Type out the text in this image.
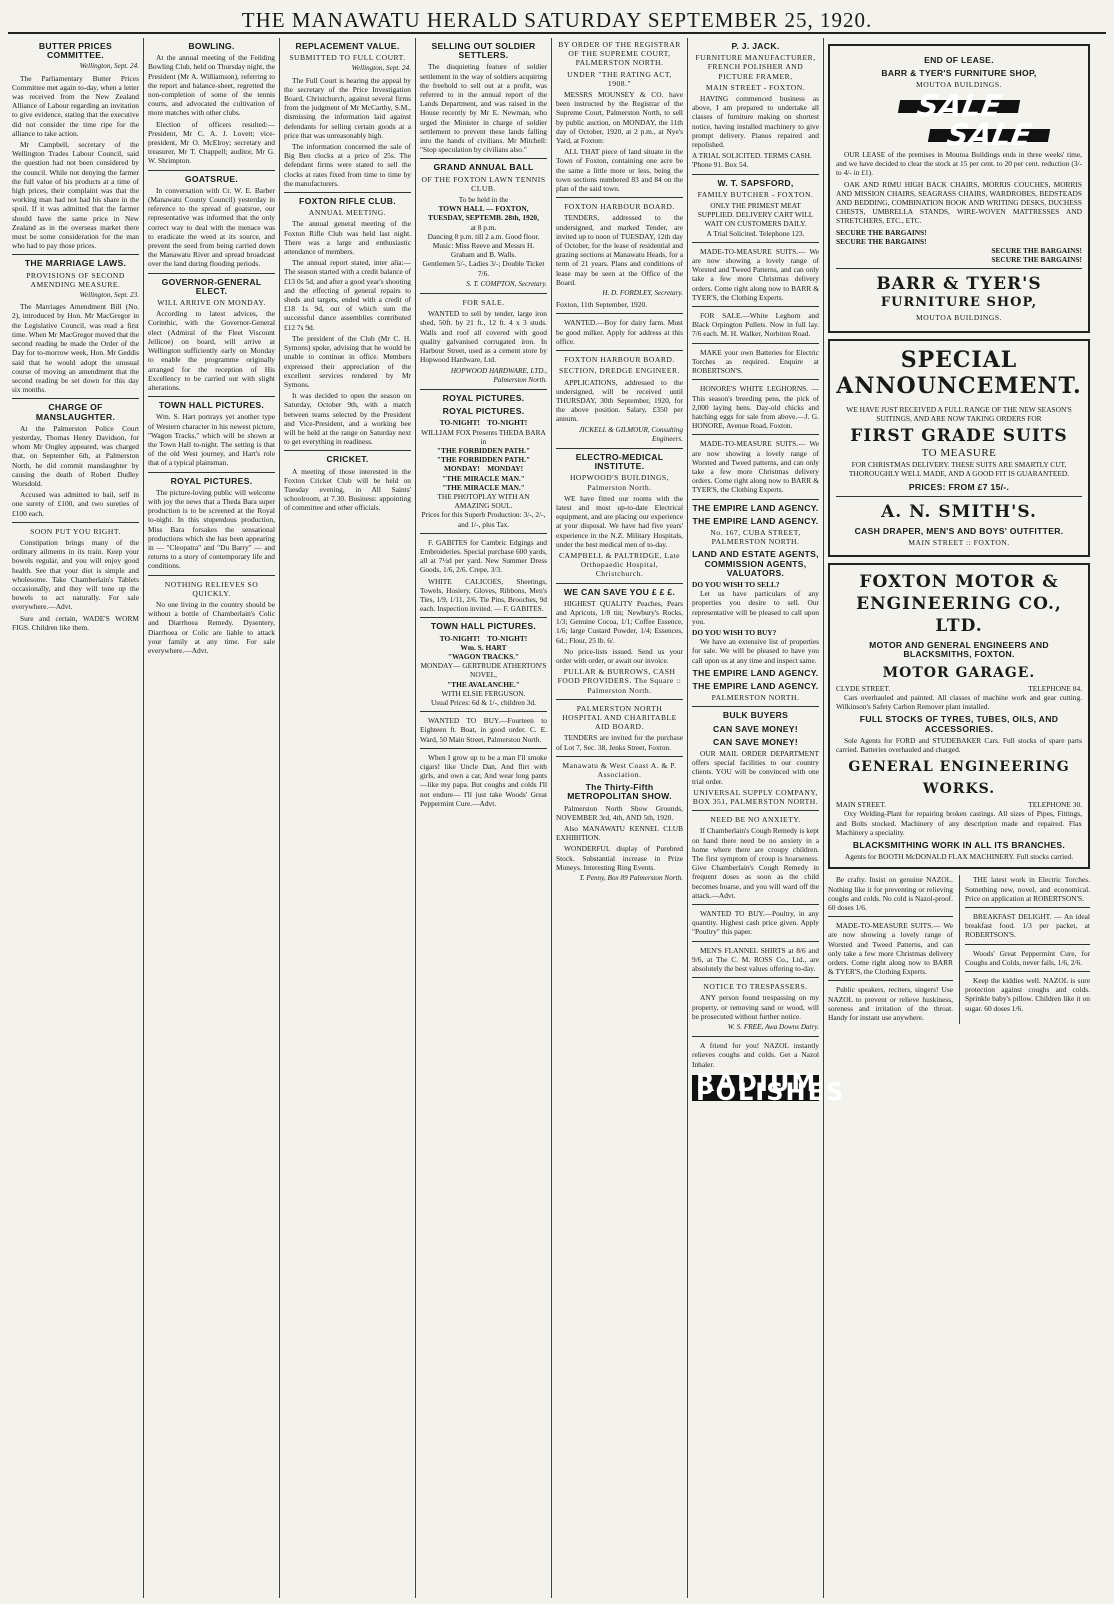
THE MANAWATU HERALD SATURDAY SEPTEMBER 25, 1920.
BUTTER PRICES COMMITTEE.
Wellington, Sept. 24.

The Parliamentary Butter Prices Committee met again to-day, when a letter was received from the New Zealand Alliance of Labour regarding an invitation to give evidence, stating that the executive did not consider the time ripe for the alliance to take action.

Mr Campbell, secretary of the Wellington Trades Labour Council, said the question had not been considered by the council. While not denying the farmer the full value of his products at a time of high prices, their complaint was that the working man had not had his share in the spoil. If it was admitted that the farmer should have the same price in New Zealand as in the overseas market there must be some consideration for the man who had to pay those prices.

THE MARRIAGE LAWS.
PROVISIONS OF SECOND AMENDING MEASURE.
Wellington, Sept. 23.

The Marriages Amendment Bill (No. 2), introduced by Hon. Mr MacGregor in the Legislative Council, was read a first time. When Mr MacGregor moved that the second reading be made the Order of the Day for to-morrow week, Hon. Mr Geddis said that he would adopt the unusual course of moving an amendment that the second reading be set down for this day six months.

CHARGE OF MANSLAUGHTER.

At the Palmerston Police Court yesterday, Thomas Henry Davidson, for whom Mr Ongley appeared, was charged that, on September 6th, at Palmerston North, he did commit manslaughter by causing the death of Robert Dudley Worsdold.

Accused was admitted to bail, self in one surety of £100, and two sureties of £100 each.

SOON PUT YOU RIGHT.

Constipation brings many of the ordinary ailments in its train. Keep your bowels regular, and you will enjoy good health. See that your diet is simple and wholesome. Take Chamberlain's Tablets occasionally, and they will tone up the bowels to act naturally. For sale everywhere.—Advt.

Sure and certain, WADE'S WORM FIGS. Children like them.

BOWLING.

At the annual meeting of the Feilding Bowling Club, held on Thursday night, the President (Mr A. Williamson), referring to the report and balance-sheet, regretted the non-completion of some of the tennis courts, and advocated the cultivation of more matches with other clubs.

Election of officers resulted:— President, Mr C. A. J. Lovett; vice-president, Mr O. McElroy; secretary and treasurer, Mr T. Chappell; auditor, Mr G. W. Shrimpton.

GOATSRUE.

In conversation with Cr. W. E. Barber (Manawatu County Council) yesterday in reference to the spread of goatsrue, our representative was informed that the only correct way to deal with the menace was to eradicate the weed at its source, and prevent the seed from being carried down the Manawatu River and spread broadcast over the land during flooding periods.

GOVERNOR-GENERAL ELECT.
WILL ARRIVE ON MONDAY.

According to latest advices, the Corinthic, with the Governor-General elect (Admiral of the Fleet Viscount Jellicoe) on board, will arrive at Wellington sufficiently early on Monday to enable the programme originally arranged for the reception of His Excellency to be carried out with slight alterations.

TOWN HALL PICTURES.

Wm. S. Hart portrays yet another type of Western character in his newest picture, "Wagon Tracks," which will be shown at the Town Hall to-night. The setting is that of the old West journey, and Hart's role that of a typical plainsman.

ROYAL PICTURES.

The picture-loving public will welcome with joy the news that a Theda Bara super production is to be screened at the Royal to-night. In this stupendous production, Miss Bara forsakes the sensational productions which she has been appearing in — "Cleopatra" and "Du Barry" — and returns to a story of contemporary life and conditions.

NOTHING RELIEVES SO QUICKLY.

No one living in the country should be without a bottle of Chamberlain's Colic and Diarrhoea Remedy. Dysentery, Diarrhoea or Colic are liable to attack your family at any time. For sale everywhere.—Advt.

REPLACEMENT VALUE.
SUBMITTED TO FULL COURT.
Wellington, Sept. 24.

The Full Court is hearing the appeal by the secretary of the Price Investigation Board, Christchurch, against several firms from the judgment of Mr McCarthy, S.M., dismissing the information laid against defendants for selling certain goods at a price that was unreasonably high.

The information concerned the sale of Big Ben clocks at a price of 25s. The defendant firms were stated to sell the clocks at rates fixed from time to time by the manufacturers.

FOXTON RIFLE CLUB.
ANNUAL MEETING.

The annual general meeting of the Foxton Rifle Club was held last night. There was a large and enthusiastic attendance of members.

The annual report stated, inter alia:—The season started with a credit balance of £13 0s 5d, and after a good year's shooting and the effecting of general repairs to sheds and targets, ended with a credit of £18 1s 9d, out of which sum the successful dance assemblies contributed £12 7s 9d.

The president of the Club (Mr C. H. Symons) spoke, advising that he would be unable to continue in office. Members expressed their appreciation of the excellent services rendered by Mr Symons.

It was decided to open the season on Saturday, October 9th, with a match between teams selected by the President and Vice-President, and a working bee will be held at the range on Saturday next to get everything in readiness.

CRICKET.

A meeting of those interested in the Foxton Cricket Club will be held on Tuesday evening, in All Saints' schoolroom, at 7.30. Business: appointing of committee and other officials.

SELLING OUT SOLDIER SETTLERS.

The disquieting feature of soldier settlement in the way of soldiers acquiring the freehold to sell out at a profit, was referred to in the annual report of the Lands Department, and was raised in the House recently by Mr E. Newman, who urged the Minister in charge of soldier settlement to prevent these lands falling into the hands of civilians. Mr Mitchell: "Stop speculation by civilians also."

GRAND ANNUAL BALL
OF THE FOXTON LAWN TENNIS CLUB.
To be held in the
TOWN HALL — FOXTON,
TUESDAY, SEPTEMB. 28th, 1920,
at 8 p.m.
Dancing 8 p.m. till 2 a.m. Good floor.
Music: Miss Reeve and Messrs H. Graham and B. Walls.
Gentlemen 5/-, Ladies 3/-; Double Ticket 7/6.
S. T. COMPTON, Secretary.
FOR SALE.

WANTED to sell by tender, large iron shed, 50ft. by 21 ft., 12 ft. 4 x 3 studs. Walls and roof all covered with good quality galvanised corrugated iron. In Harbour Street, used as a cement store by Hopwood Hardware, Ltd.

HOPWOOD HARDWARE, LTD., Palmerston North.
ROYAL PICTURES.
ROYAL PICTURES.
TO-NIGHT! TO-NIGHT!
WILLIAM FOX Presents THEDA BARA in
"THE FORBIDDEN PATH."
"THE FORBIDDEN PATH."
MONDAY! MONDAY!
"THE MIRACLE MAN."
"THE MIRACLE MAN."
THE PHOTOPLAY WITH AN AMAZING SOUL.
Prices for this Superb Production: 3/-, 2/-, and 1/-, plus Tax.

F. GABITES for Cambric Edgings and Embroideries. Special purchase 600 yards, all at 7½d per yard. New Summer Dress Goods, 1/6, 2/6. Crepe, 3/3.

WHITE CALICOES, Sheetings, Towels, Hosiery, Gloves, Ribbons, Men's Ties, 1/9, 1/11, 2/6. Tie Pins, Brooches, 9d each. Inspection invited. — F. GABITES.

TOWN HALL PICTURES.
TO-NIGHT! TO-NIGHT!
Wm. S. HART
"WAGON TRACKS."
MONDAY— GERTRUDE ATHERTON'S NOVEL,
"THE AVALANCHE."
WITH ELSIE FERGUSON.
Usual Prices: 6d & 1/-, children 3d.

WANTED TO BUY.—Fourteen to Eighteen ft. Boat, in good order. C. E. Ward, 50 Main Street, Palmerston North.

When I grow up to be a man I'll smoke cigars! like Uncle Dan, And flirt with girls, and own a car, And wear long pants—like my papa. But coughs and colds I'll not endure— I'll just take Woods' Great Peppermint Cure.—Advt.

BY ORDER OF THE REGISTRAR OF THE SUPREME COURT, PALMERSTON NORTH.
UNDER "THE RATING ACT, 1908."

MESSRS MOUNSEY & CO. have been instructed by the Registrar of the Supreme Court, Palmerston North, to sell by public auction, on MONDAY, the 11th day of October, 1920, at 2 p.m., at Nye's Yard, at Foxton:

ALL THAT piece of land situate in the Town of Foxton, containing one acre be the same a little more or less, being the town sections numbered 83 and 84 on the plan of the said town.

FOXTON HARBOUR BOARD.

TENDERS, addressed to the undersigned, and marked Tender, are invited up to noon of TUESDAY, 12th day of October, for the lease of residential and grazing sections at Manawatu Heads, for a term of 21 years. Plans and conditions of lease may be seen at the Office of the Board.

H. D. FORDLEY, Secretary.
Foxton, 11th September, 1920.

WANTED.—Boy for dairy farm. Must be good milker. Apply for address at this office.

FOXTON HARBOUR BOARD.
SECTION, DREDGE ENGINEER.

APPLICATIONS, addressed to the undersigned, will be received until THURSDAY, 30th September, 1920, for the above position. Salary, £350 per annum.

JICKELL & GILMOUR, Consulting Engineers.
ELECTRO-MEDICAL INSTITUTE.
HOPWOOD'S BUILDINGS, Palmerston North.

WE have fitted our rooms with the latest and most up-to-date Electrical equipment, and are placing our experience at your disposal. We have had five years' experience in the N.Z. Military Hospitals, under the best medical men of to-day.

CAMPBELL & PALTRIDGE, Late Orthopaedic Hospital, Christchurch.
WE CAN SAVE YOU £ £ £.

HIGHEST QUALITY Peaches, Pears and Apricots, 1/8 tin; Newbury's Rocks, 1/3; Genuine Cocoa, 1/1; Coffee Essence, 1/6; large Custard Powder, 1/4; Essences, 6d.; Flour, 25 lb. 6/.

No price-lists issued. Send us your order with order, or await our invoice.

PULLAR & BURROWS, CASH FOOD PROVIDERS. The Square :: Palmerston North.
PALMERSTON NORTH HOSPITAL AND CHARITABLE AID BOARD.

TENDERS are invited for the purchase of Lot 7, Sec. 38, Jenks Street, Foxton.

Manawatu & West Coast A. & P. Association.
The Thirty-Fifth METROPOLITAN SHOW.

Palmerston North Show Grounds, NOVEMBER 3rd, 4th, AND 5th, 1920.

Also MANAWATU KENNEL CLUB EXHIBITION.

WONDERFUL display of Purebred Stock. Substantial increase in Prize Moneys. Interesting Ring Events.

T. Penny, Box 89 Palmerston North.
P. J. JACK.
FURNITURE MANUFACTURER, FRENCH POLISHER AND PICTURE FRAMER,
MAIN STREET - FOXTON.

HAVING commenced business as above, I am prepared to undertake all classes of furniture making on shortest notice, having installed machinery to give prompt delivery. Pianos repaired and repolished.

A TRIAL SOLICITED. TERMS CASH.
'Phone 91. Box 54.
W. T. SAPSFORD,
FAMILY BUTCHER - FOXTON.
ONLY THE PRIMEST MEAT SUPPLIED. DELIVERY CART WILL WAIT ON CUSTOMERS DAILY.
A Trial Solicited. Telephone 123.

MADE-TO-MEASURE SUITS.— We are now showing a lovely range of Worsted and Tweed Patterns, and can only take a few more Christmas delivery orders. Come right along now to BARR & TYER'S, the Clothing Experts.

FOR SALE.—White Leghorn and Black Orpington Pullets. Now in full lay. 7/6 each. M. H. Walker, Norbiton Road.

MAKE your own Batteries for Electric Torches as required. Enquire at ROBERTSON'S.

HONORE'S WHITE LEGHORNS. —This season's breeding pens, the pick of 2,000 laying hens. Day-old chicks and hatching eggs for sale from above.—J. G. HONORE, Avenue Road, Foxton.

MADE-TO-MEASURE SUITS.— We are now showing a lovely range of Worsted and Tweed patterns, and can only take a few more Christmas delivery orders. Come right along now to BARR & TYER'S, the Clothing Experts.

THE EMPIRE LAND AGENCY.
THE EMPIRE LAND AGENCY.
No. 167, CUBA STREET, PALMERSTON NORTH.
LAND AND ESTATE AGENTS, COMMISSION AGENTS, VALUATORS.
DO YOU WISH TO SELL?

Let us have particulars of any properties you desire to sell. Our representative will be pleased to call upon you.

DO YOU WISH TO BUY?

We have an extensive list of properties for sale. We will be pleased to have you call upon us at any time and inspect same.

THE EMPIRE LAND AGENCY.
THE EMPIRE LAND AGENCY.
PALMERSTON NORTH.
BULK BUYERS
CAN SAVE MONEY!
CAN SAVE MONEY!

OUR MAIL ORDER DEPARTMENT offers special facilities to our country clients. YOU will be convinced with one trial order.

UNIVERSAL SUPPLY COMPANY, BOX 351, PALMERSTON NORTH.
NEED BE NO ANXIETY.

If Chamberlain's Cough Remedy is kept on hand there need be no anxiety in a home where there are croupy children. The first symptom of croup is hoarseness. Give Chamberlain's Cough Remedy in frequent doses as soon as the child becomes hoarse, and you will ward off the attack.—Advt.

WANTED TO BUY.—Poultry, in any quantity. Highest cash price given. Apply "Poultry" this paper.

MEN'S FLANNEL SHIRTS at 8/6 and 9/6, at The C. M. ROSS Co., Ltd., are absolutely the best values offering to-day.

NOTICE TO TRESPASSERS.

ANY person found trespassing on my property, or removing sand or wood, will be prosecuted without further notice.

W. S. FREE, Awa Downs Dairy.

A friend for you! NAZOL instantly relieves coughs and colds. Get a Nazol Inhaler.

RADIUM POLISHES
END OF LEASE.
BARR & TYER'S FURNITURE SHOP,
MOUTOA BUILDINGS.
SALE
SALE

OUR LEASE of the premises in Moutoa Buildings ends in three weeks' time, and we have decided to clear the stock at 15 per cent. to 20 per cent. reduction (3/- to 4/- in £1).

OAK AND RIMU HIGH BACK CHAIRS, MORRIS COUCHES, MORRIS AND MISSION CHAIRS, SEAGRASS CHAIRS, WARDROBES, BEDSTEADS AND BEDDING, COMBINATION BOOK AND WRITING DESKS, DUCHESS CHESTS, UMBRELLA STANDS, WIRE-WOVEN MATTRESSES AND STRETCHERS, ETC., ETC.

SECURE THE BARGAINS!
SECURE THE BARGAINS!
SECURE THE BARGAINS!
SECURE THE BARGAINS!
BARR & TYER'S
FURNITURE SHOP,
MOUTOA BUILDINGS.
SPECIAL
ANNOUNCEMENT.

WE HAVE JUST RECEIVED A FULL RANGE OF THE NEW SEASON'S SUITINGS, AND ARE NOW TAKING ORDERS FOR

FIRST GRADE SUITS
TO MEASURE

FOR CHRISTMAS DELIVERY. THESE SUITS ARE SMARTLY CUT, THOROUGHLY WELL MADE, AND A GOOD FIT IS GUARANTEED.

PRICES: FROM £7 15/-.
A. N. SMITH'S.
CASH DRAPER, MEN'S AND BOYS' OUTFITTER.
MAIN STREET :: FOXTON.
FOXTON MOTOR & ENGINEERING CO., LTD.
MOTOR AND GENERAL ENGINEERS AND BLACKSMITHS, FOXTON.
MOTOR GARAGE.
CLYDE STREET.	TELEPHONE 84.

Cars overhauled and painted. All classes of machine work and gear cutting. Wilkinson's Safety Carbon Remover plant installed.

FULL STOCKS OF TYRES, TUBES, OILS, AND ACCESSORIES.

Sole Agents for FORD and STUDEBAKER Cars. Full stocks of spare parts carried. Batteries overhauled and charged.

GENERAL ENGINEERING WORKS.
MAIN STREET.	TELEPHONE 30.

Oxy Welding-Plant for repairing broken castings. All sizes of Pipes, Fittings, and Bolts stocked. Machinery of any description made and repaired. Flax Machinery a speciality.

BLACKSMITHING WORK IN ALL ITS BRANCHES.
Agents for BOOTH McDONALD FLAX MACHINERY. Full stocks carried.

Be crafty. Insist on genuine NAZOL. Nothing like it for preventing or relieving coughs and colds. No cold is Nazol-proof. 60 doses 1/6.

MADE-TO-MEASURE SUITS.— We are now showing a lovely range of Worsted and Tweed Patterns, and can only take a few more Christmas delivery orders. Come right along now to BARR & TYER'S, the Clothing Experts.

Public speakers, reciters, singers! Use NAZOL to prevent or relieve huskiness, soreness and irritation of the throat. Handy for instant use anywhere.

THE latest work in Electric Torches. Something new, novel, and economical. Price on application at ROBERTSON'S.

BREAKFAST DELIGHT. — An ideal breakfast food. 1/3 per packet, at ROBERTSON'S.

Woods' Great Peppermint Cure, for Coughs and Colds, never fails, 1/6, 2/6.

Keep the kiddies well. NAZOL is sure protection against coughs and colds. Sprinkle baby's pillow. Children like it on sugar. 60 doses 1/6.
